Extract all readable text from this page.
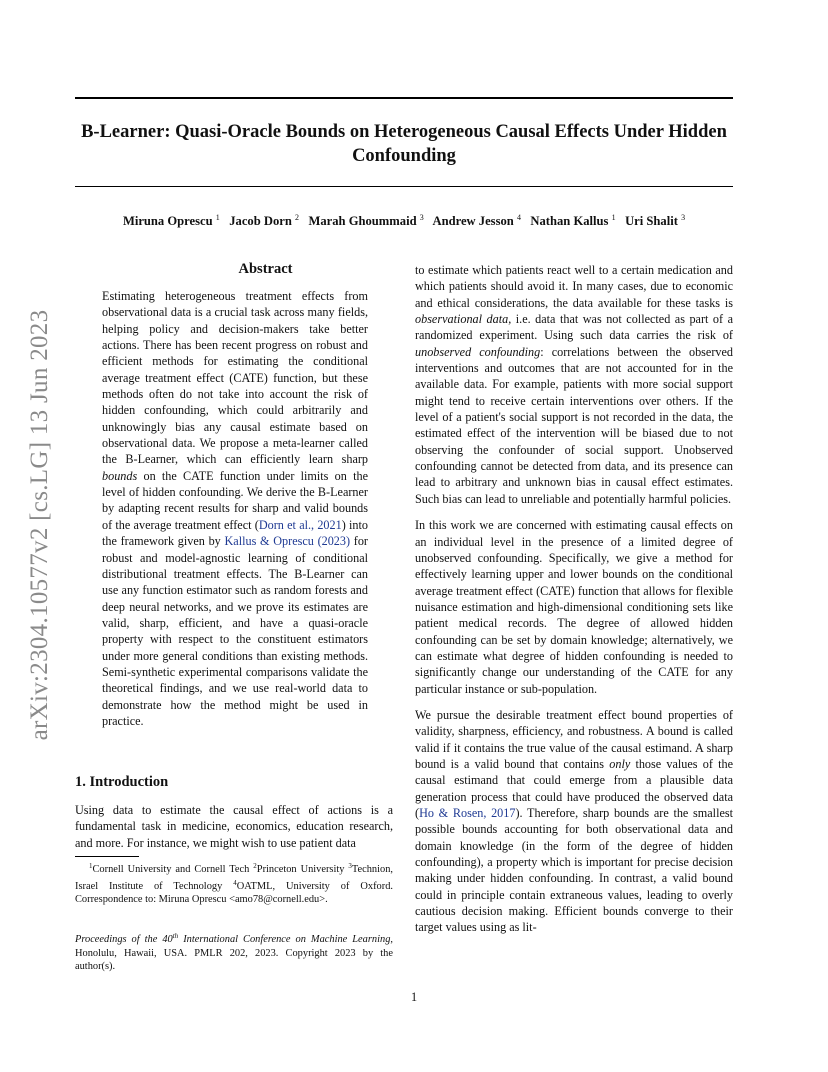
arXiv:2304.10577v2 [cs.LG] 13 Jun 2023
B-Learner: Quasi-Oracle Bounds on Heterogeneous Causal Effects Under Hidden Confounding
Miruna Oprescu $^1$ Jacob Dorn $^2$ Marah Ghoummaid $^3$ Andrew Jesson $^4$ Nathan Kallus $^1$ Uri Shalit $^3$
Abstract
Estimating heterogeneous treatment effects from observational data is a crucial task across many fields, helping policy and decision-makers take better actions. There has been recent progress on robust and efficient methods for estimating the conditional average treatment effect (CATE) function, but these methods often do not take into account the risk of hidden confounding, which could arbitrarily and unknowingly bias any causal estimate based on observational data. We propose a meta-learner called the B-Learner, which can efficiently learn sharp bounds on the CATE function under limits on the level of hidden confounding. We derive the B-Learner by adapting recent results for sharp and valid bounds of the average treatment effect (Dorn et al., 2021) into the framework given by Kallus & Oprescu (2023) for robust and model-agnostic learning of conditional distributional treatment effects. The B-Learner can use any function estimator such as random forests and deep neural networks, and we prove its estimates are valid, sharp, efficient, and have a quasi-oracle property with respect to the constituent estimators under more general conditions than existing methods. Semi-synthetic experimental comparisons validate the theoretical findings, and we use real-world data to demonstrate how the method might be used in practice.
1. Introduction
Using data to estimate the causal effect of actions is a fundamental task in medicine, economics, education research, and more. For instance, we might wish to use patient data
$^1$Cornell University and Cornell Tech $^2$Princeton University $^3$Technion, Israel Institute of Technology $^4$OATML, University of Oxford. Correspondence to: Miruna Oprescu <amo78@cornell.edu>.
Proceedings of the 40th International Conference on Machine Learning, Honolulu, Hawaii, USA. PMLR 202, 2023. Copyright 2023 by the author(s).

to estimate which patients react well to a certain medication and which patients should avoid it. In many cases, due to economic and ethical considerations, the data available for these tasks is observational data, i.e. data that was not collected as part of a randomized experiment. Using such data carries the risk of unobserved confounding: correlations between the observed interventions and outcomes that are not accounted for in the available data. For example, patients with more social support might tend to receive certain interventions over others. If the level of a patient's social support is not recorded in the data, the estimated effect of the intervention will be biased due to not observing the confounder of social support. Unobserved confounding cannot be detected from data, and its presence can lead to arbitrary and unknown bias in causal effect estimates. Such bias can lead to unreliable and potentially harmful policies.

In this work we are concerned with estimating causal effects on an individual level in the presence of a limited degree of unobserved confounding. Specifically, we give a method for effectively learning upper and lower bounds on the conditional average treatment effect (CATE) function that allows for flexible nuisance estimation and high-dimensional conditioning sets like patient medical records. The degree of allowed hidden confounding can be set by domain knowledge; alternatively, we can estimate what degree of hidden confounding is needed to significantly change our understanding of the CATE for any particular instance or sub-population.

We pursue the desirable treatment effect bound properties of validity, sharpness, efficiency, and robustness. A bound is called valid if it contains the true value of the causal estimand. A sharp bound is a valid bound that contains only those values of the causal estimand that could emerge from a plausible data generation process that could have produced the observed data (Ho & Rosen, 2017). Therefore, sharp bounds are the smallest possible bounds accounting for both observational data and domain knowledge (in the form of the degree of hidden confounding), a property which is important for precise decision making under hidden confounding. In contrast, a valid bound could in principle contain extraneous values, leading to overly cautious decision making. Efficient bounds converge to their target values using as lit-

1
